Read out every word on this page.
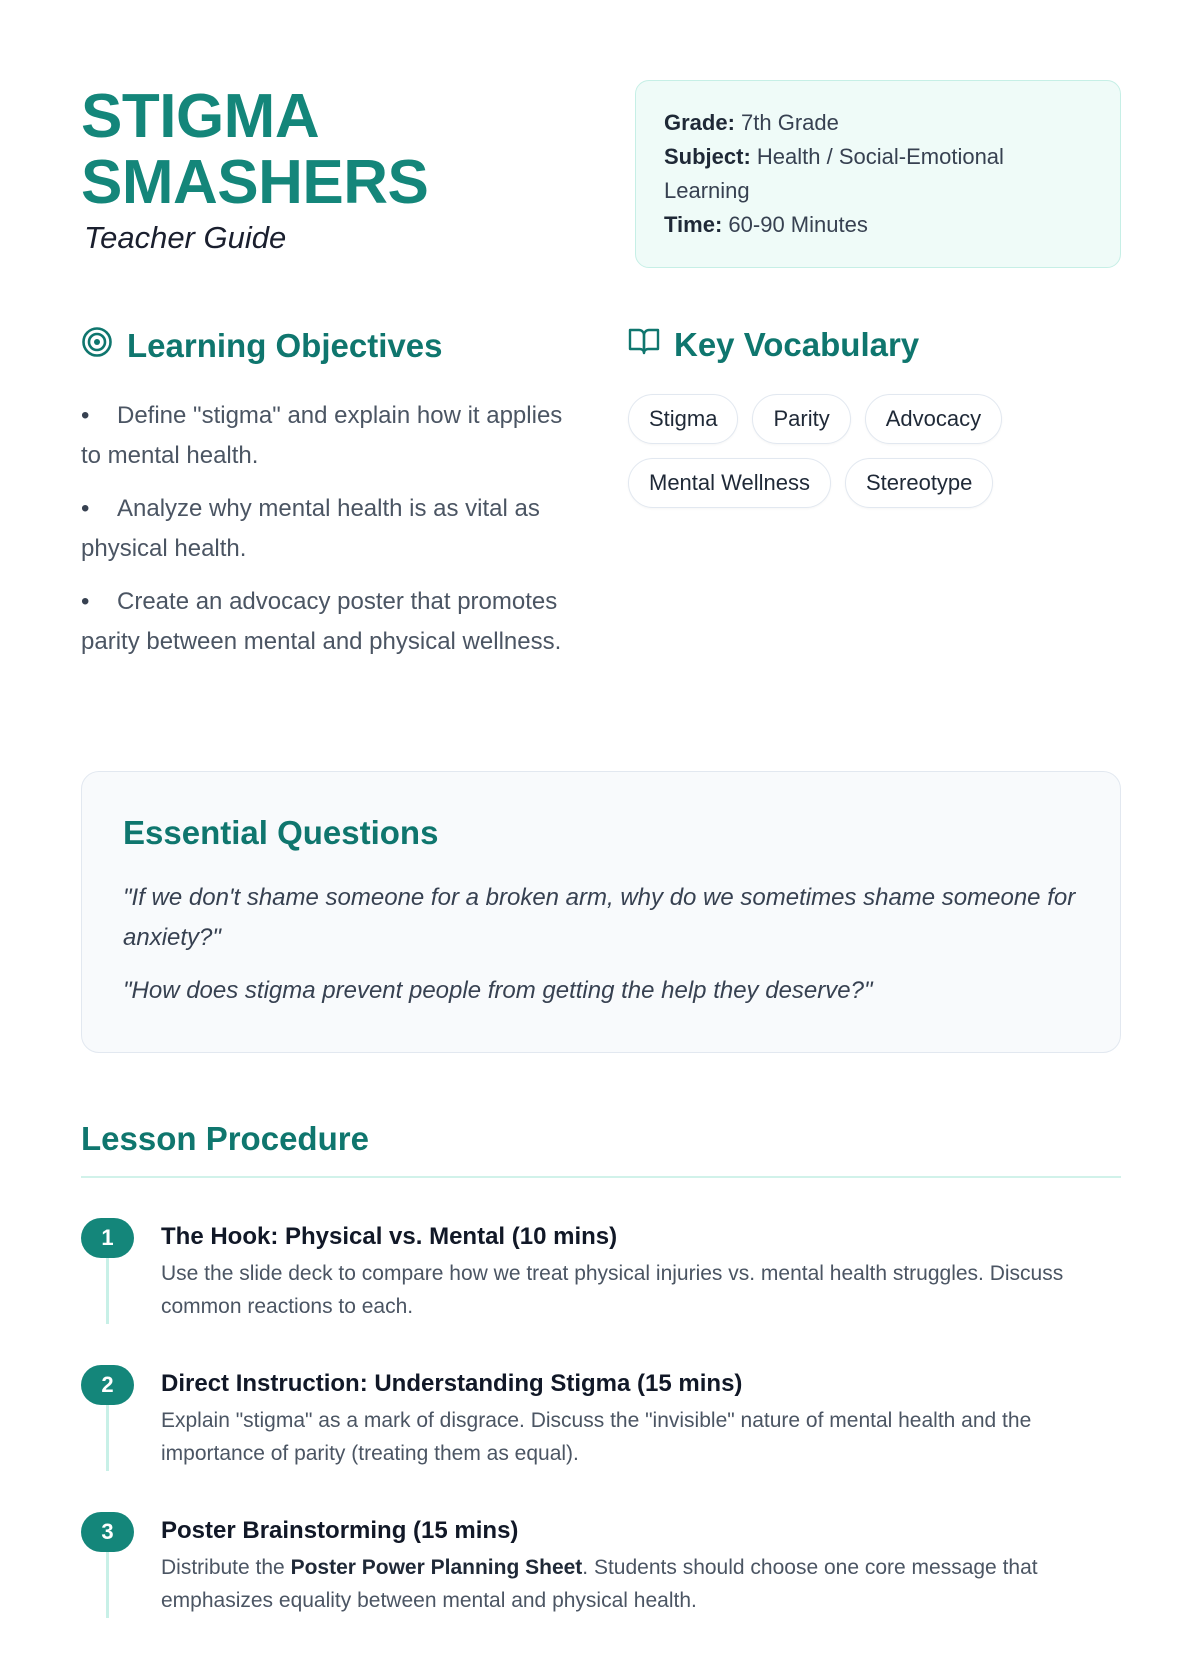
STIGMA
SMASHERS
Teacher Guide
Grade: 7th Grade
Subject: Health / Social-Emotional Learning
Time: 60-90 Minutes
Learning Objectives
• Define "stigma" and explain how it applies to mental health.
• Analyze why mental health is as vital as physical health.
• Create an advocacy poster that promotes parity between mental and physical wellness.
Key Vocabulary
Stigma	Parity	Advocacy
Mental Wellness	Stereotype
Essential Questions

"If we don't shame someone for a broken arm, why do we sometimes shame someone for anxiety?"

"How does stigma prevent people from getting the help they deserve?"

Lesson Procedure
1	The Hook: Physical vs. Mental (10 mins)

Use the slide deck to compare how we treat physical injuries vs. mental health struggles. Discuss common reactions to each.

2	Direct Instruction: Understanding Stigma (15 mins)

Explain "stigma" as a mark of disgrace. Discuss the "invisible" nature of mental health and the importance of parity (treating them as equal).

3	Poster Brainstorming (15 mins)

Distribute the Poster Power Planning Sheet. Students should choose one core message that emphasizes equality between mental and physical health.
